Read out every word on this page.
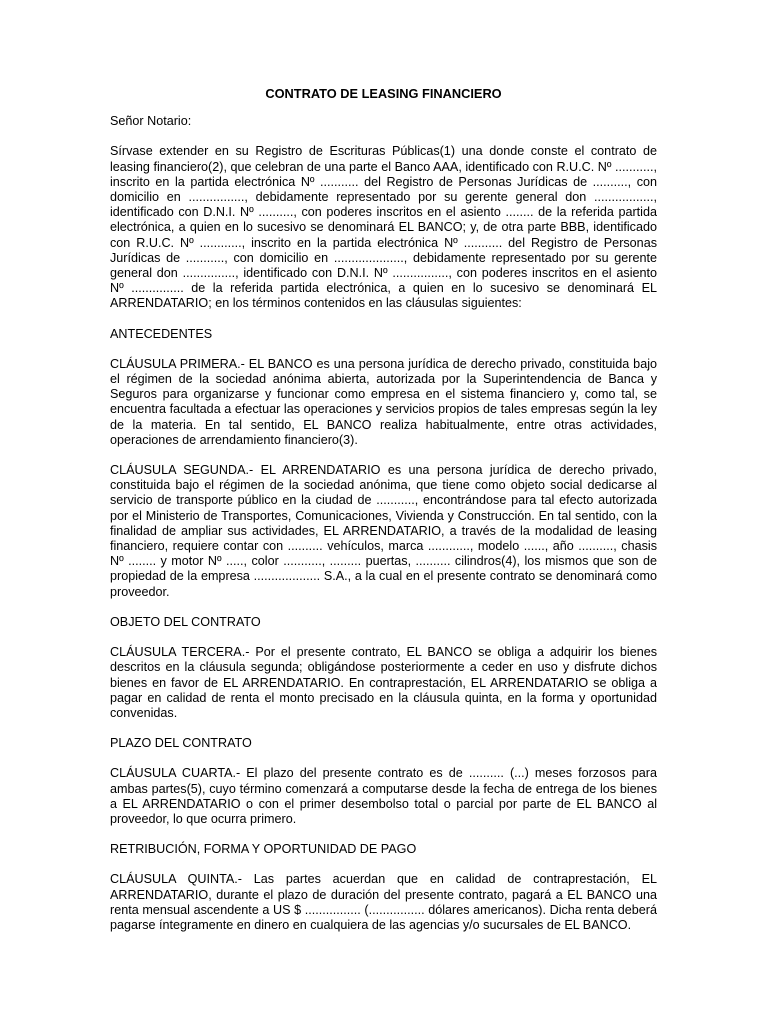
CONTRATO DE LEASING FINANCIERO

Señor Notario:

Sírvase extender en su Registro de Escrituras Públicas(1) una donde conste el contrato de leasing financiero(2), que celebran de una parte el Banco AAA, identificado con R.U.C. Nº ..........., inscrito en la partida electrónica Nº ........... del Registro de Personas Jurídicas de .........., con domicilio en ................, debidamente representado por su gerente general don ................., identificado con D.N.I. Nº .........., con poderes inscritos en el asiento ........ de la referida partida electrónica, a quien en lo sucesivo se denominará EL BANCO; y, de otra parte BBB, identificado con R.U.C. Nº ............, inscrito en la partida electrónica Nº ........... del Registro de Personas Jurídicas de ..........., con domicilio en ...................., debidamente representado por su gerente general don ..............., identificado con D.N.I. Nº ................, con poderes inscritos en el asiento Nº ............... de la referida partida electrónica, a quien en lo sucesivo se denominará EL ARRENDATARIO; en los términos contenidos en las cláusulas siguientes:

ANTECEDENTES

CLÁUSULA PRIMERA.- EL BANCO es una persona jurídica de derecho privado, constituida bajo el régimen de la sociedad anónima abierta, autorizada por la Superintendencia de Banca y Seguros para organizarse y funcionar como empresa en el sistema financiero y, como tal, se encuentra facultada a efectuar las operaciones y servicios propios de tales empresas según la ley de la materia. En tal sentido, EL BANCO realiza habitualmente, entre otras actividades, operaciones de arrendamiento financiero(3).

CLÁUSULA SEGUNDA.- EL ARRENDATARIO es una persona jurídica de derecho privado, constituida bajo el régimen de la sociedad anónima, que tiene como objeto social dedicarse al servicio de transporte público en la ciudad de ..........., encontrándose para tal efecto autorizada por el Ministerio de Transportes, Comunicaciones, Vivienda y Construcción. En tal sentido, con la finalidad de ampliar sus actividades, EL ARRENDATARIO, a través de la modalidad de leasing financiero, requiere contar con .......... vehículos, marca ............, modelo ......, año .........., chasis Nº ........ y motor Nº ....., color ..........., ......... puertas, .......... cilindros(4), los mismos que son de propiedad de la empresa ................... S.A., a la cual en el presente contrato se denominará como proveedor.

OBJETO DEL CONTRATO

CLÁUSULA TERCERA.- Por el presente contrato, EL BANCO se obliga a adquirir los bienes descritos en la cláusula segunda; obligándose posteriormente a ceder en uso y disfrute dichos bienes en favor de EL ARRENDATARIO. En contraprestación, EL ARRENDATARIO se obliga a pagar en calidad de renta el monto precisado en la cláusula quinta, en la forma y oportunidad convenidas.

PLAZO DEL CONTRATO

CLÁUSULA CUARTA.- El plazo del presente contrato es de .......... (...) meses forzosos para ambas partes(5), cuyo término comenzará a computarse desde la fecha de entrega de los bienes a EL ARRENDATARIO o con el primer desembolso total o parcial por parte de EL BANCO al proveedor, lo que ocurra primero.

RETRIBUCIÓN, FORMA Y OPORTUNIDAD DE PAGO

CLÁUSULA QUINTA.- Las partes acuerdan que en calidad de contraprestación, EL ARRENDATARIO, durante el plazo de duración del presente contrato, pagará a EL BANCO una renta mensual ascendente a US $ ................ (................ dólares americanos). Dicha renta deberá pagarse íntegramente en dinero en cualquiera de las agencias y/o sucursales de EL BANCO.
